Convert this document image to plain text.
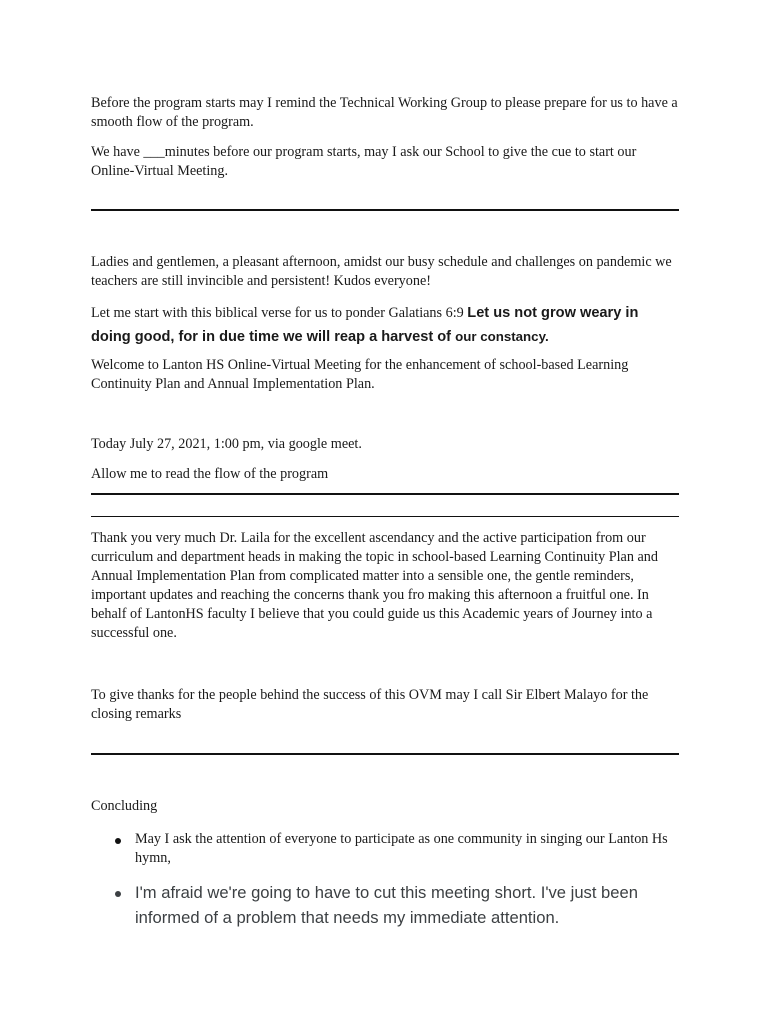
Before the program starts may I remind the Technical Working Group to please prepare for us to have a smooth flow of the program.

We have ___minutes before our program starts, may I ask our School to give the cue to start our Online-Virtual Meeting.

Ladies and gentlemen, a pleasant afternoon, amidst our busy schedule and challenges on pandemic we teachers are still invincible and persistent! Kudos everyone!

Let me start with this biblical verse for us to ponder Galatians 6:9 Let us not grow weary in doing good, for in due time we will reap a harvest of our constancy.

Welcome to Lanton HS Online-Virtual Meeting for the enhancement of school-based Learning Continuity Plan and Annual Implementation Plan.

Today July 27, 2021, 1:00 pm, via google meet.

Allow me to read the flow of the program

Thank you very much Dr. Laila for the excellent ascendancy and the active participation from our curriculum and department heads in making the topic in school-based Learning Continuity Plan and Annual Implementation Plan from complicated matter into a sensible one, the gentle reminders, important updates and reaching the concerns thank you fro making this afternoon a fruitful one. In behalf of LantonHS faculty I believe that you could guide us this Academic years of Journey into a successful one.

To give thanks for the people behind the success of this OVM may I call Sir Elbert Malayo for the closing remarks

Concluding

May I ask the attention of everyone to participate as one community in singing our Lanton Hs hymn,
I'm afraid we're going to have to cut this meeting short. I've just been informed of a problem that needs my immediate attention.
